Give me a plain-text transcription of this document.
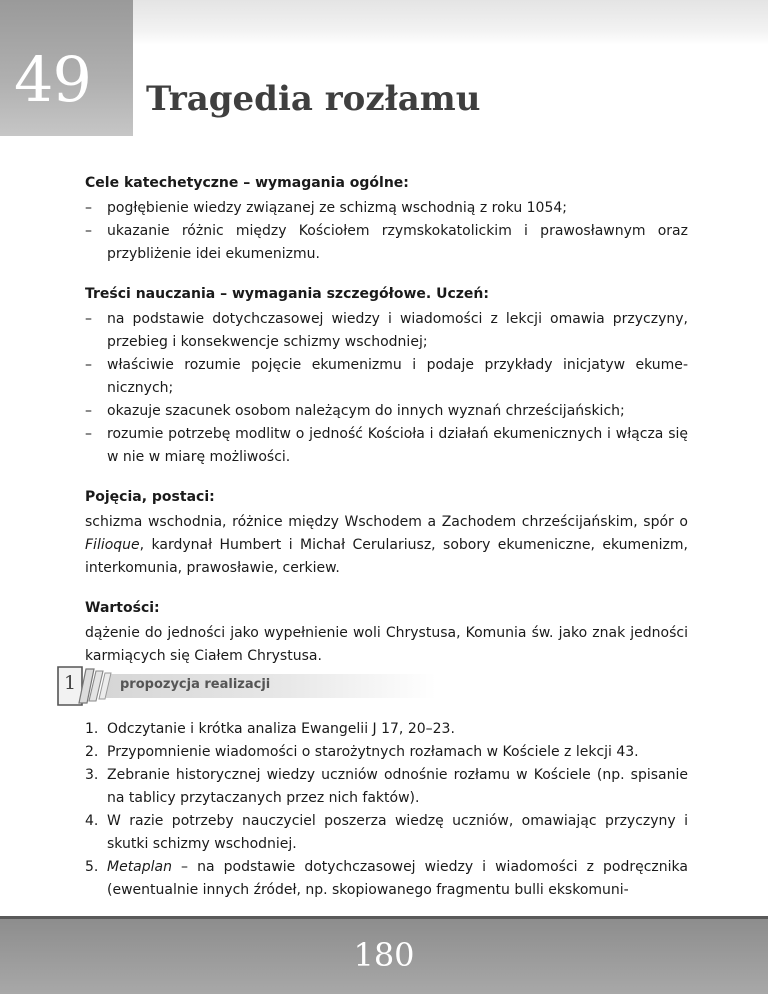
49 Tragedia rozłamu

Cele katechetyczne – wymagania ogólne:

– pogłębienie wiedzy związanej ze schizmą wschodnią z roku 1054;
– ukazanie różnic między Kościołem rzymskokatolickim i prawosławnym oraz przybliżenie idei ekumenizmu.

Treści nauczania – wymagania szczegółowe. Uczeń:

– na podstawie dotychczasowej wiedzy i wiadomości z lekcji omawia przyczyny, przebieg i konsekwencje schizmy wschodniej;
– właściwie rozumie pojęcie ekumenizmu i podaje przykłady inicjatyw ekumenicznych;
– okazuje szacunek osobom należącym do innych wyznań chrześcijańskich;
– rozumie potrzebę modlitw o jedność Kościoła i działań ekumenicznych i włącza się w nie w miarę możliwości.

Pojęcia, postaci:

schizma wschodnia, różnice między Wschodem a Zachodem chrześcijańskim, spór o Filioque, kardynał Humbert i Michał Cerulariusz, sobory ekumeniczne, ekumenizm, interkomunia, prawosławie, cerkiew.

Wartości:

dążenie do jedności jako wypełnienie woli Chrystusa, Komunia św. jako znak jedności karmiących się Ciałem Chrystusa.

1	propozycja realizacji
1. Odczytanie i krótka analiza Ewangelii J 17, 20–23.
2. Przypomnienie wiadomości o starożytnych rozłamach w Kościele z lekcji 43.
3. Zebranie historycznej wiedzy uczniów odnośnie rozłamu w Kościele (np. spisanie na tablicy przytaczanych przez nich faktów).
4. W razie potrzeby nauczyciel poszerza wiedzę uczniów, omawiając przyczyny i skutki schizmy wschodniej.
5. Metaplan – na podstawie dotychczasowej wiedzy i wiadomości z podręcznika (ewentualnie innych źródeł, np. skopiowanego fragmentu bulli ekskomuni-
180
